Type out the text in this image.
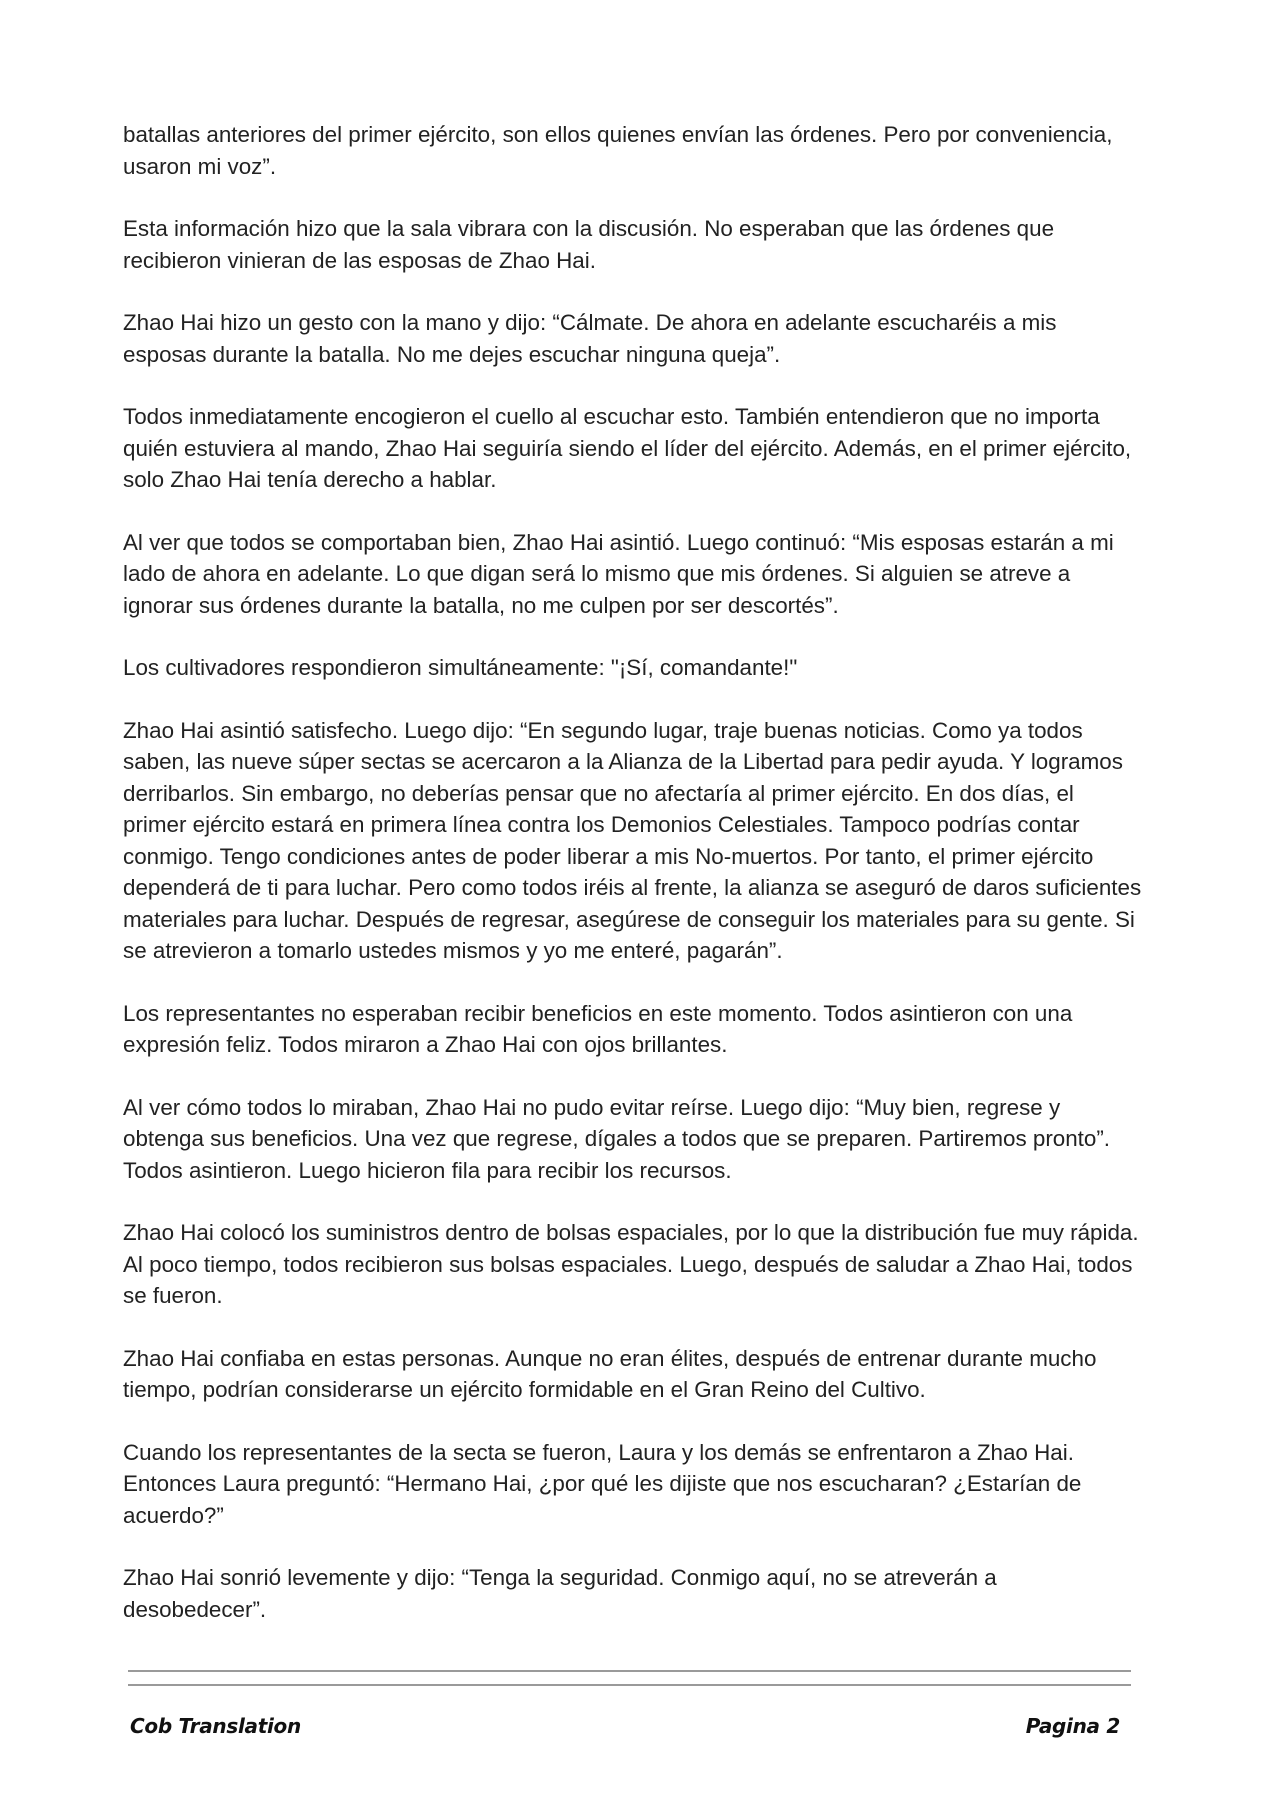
batallas anteriores del primer ejército, son ellos quienes envían las órdenes. Pero por conveniencia, usaron mi voz”.

Esta información hizo que la sala vibrara con la discusión. No esperaban que las órdenes que recibieron vinieran de las esposas de Zhao Hai.

Zhao Hai hizo un gesto con la mano y dijo: “Cálmate. De ahora en adelante escucharéis a mis esposas durante la batalla. No me dejes escuchar ninguna queja”.

Todos inmediatamente encogieron el cuello al escuchar esto. También entendieron que no importa quién estuviera al mando, Zhao Hai seguiría siendo el líder del ejército. Además, en el primer ejército, solo Zhao Hai tenía derecho a hablar.

Al ver que todos se comportaban bien, Zhao Hai asintió. Luego continuó: “Mis esposas estarán a mi lado de ahora en adelante. Lo que digan será lo mismo que mis órdenes. Si alguien se atreve a ignorar sus órdenes durante la batalla, no me culpen por ser descortés”.

Los cultivadores respondieron simultáneamente: "¡Sí, comandante!"

Zhao Hai asintió satisfecho. Luego dijo: “En segundo lugar, traje buenas noticias. Como ya todos saben, las nueve súper sectas se acercaron a la Alianza de la Libertad para pedir ayuda. Y logramos derribarlos. Sin embargo, no deberías pensar que no afectaría al primer ejército. En dos días, el primer ejército estará en primera línea contra los Demonios Celestiales. Tampoco podrías contar conmigo. Tengo condiciones antes de poder liberar a mis No-muertos. Por tanto, el primer ejército dependerá de ti para luchar. Pero como todos iréis al frente, la alianza se aseguró de daros suficientes materiales para luchar. Después de regresar, asegúrese de conseguir los materiales para su gente. Si se atrevieron a tomarlo ustedes mismos y yo me enteré, pagarán”.

Los representantes no esperaban recibir beneficios en este momento. Todos asintieron con una expresión feliz. Todos miraron a Zhao Hai con ojos brillantes.

Al ver cómo todos lo miraban, Zhao Hai no pudo evitar reírse. Luego dijo: “Muy bien, regrese y obtenga sus beneficios. Una vez que regrese, dígales a todos que se preparen. Partiremos pronto”. Todos asintieron. Luego hicieron fila para recibir los recursos.

Zhao Hai colocó los suministros dentro de bolsas espaciales, por lo que la distribución fue muy rápida. Al poco tiempo, todos recibieron sus bolsas espaciales. Luego, después de saludar a Zhao Hai, todos se fueron.

Zhao Hai confiaba en estas personas. Aunque no eran élites, después de entrenar durante mucho tiempo, podrían considerarse un ejército formidable en el Gran Reino del Cultivo.

Cuando los representantes de la secta se fueron, Laura y los demás se enfrentaron a Zhao Hai. Entonces Laura preguntó: “Hermano Hai, ¿por qué les dijiste que nos escucharan? ¿Estarían de acuerdo?”

Zhao Hai sonrió levemente y dijo: “Tenga la seguridad. Conmigo aquí, no se atreverán a desobedecer”.

Cob Translation	Pagina 2
